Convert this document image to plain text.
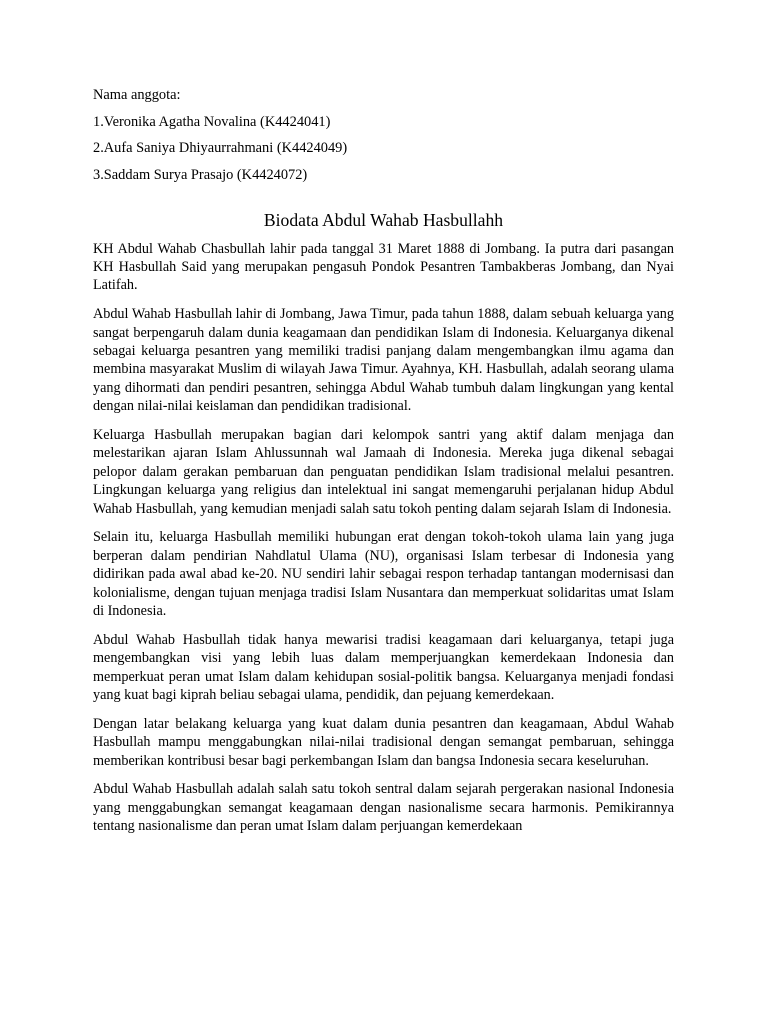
Nama anggota:
1.Veronika Agatha Novalina (K4424041)
2.Aufa Saniya Dhiyaurrahmani (K4424049)
3.Saddam Surya Prasajo (K4424072)
Biodata Abdul Wahab Hasbullahh

KH Abdul Wahab Chasbullah lahir pada tanggal 31 Maret 1888 di Jombang. Ia putra dari pasangan KH Hasbullah Said yang merupakan pengasuh Pondok Pesantren Tambakberas Jombang, dan Nyai Latifah.

Abdul Wahab Hasbullah lahir di Jombang, Jawa Timur, pada tahun 1888, dalam sebuah keluarga yang sangat berpengaruh dalam dunia keagamaan dan pendidikan Islam di Indonesia. Keluarganya dikenal sebagai keluarga pesantren yang memiliki tradisi panjang dalam mengembangkan ilmu agama dan membina masyarakat Muslim di wilayah Jawa Timur. Ayahnya, KH. Hasbullah, adalah seorang ulama yang dihormati dan pendiri pesantren, sehingga Abdul Wahab tumbuh dalam lingkungan yang kental dengan nilai-nilai keislaman dan pendidikan tradisional.

Keluarga Hasbullah merupakan bagian dari kelompok santri yang aktif dalam menjaga dan melestarikan ajaran Islam Ahlussunnah wal Jamaah di Indonesia. Mereka juga dikenal sebagai pelopor dalam gerakan pembaruan dan penguatan pendidikan Islam tradisional melalui pesantren. Lingkungan keluarga yang religius dan intelektual ini sangat memengaruhi perjalanan hidup Abdul Wahab Hasbullah, yang kemudian menjadi salah satu tokoh penting dalam sejarah Islam di Indonesia.

Selain itu, keluarga Hasbullah memiliki hubungan erat dengan tokoh-tokoh ulama lain yang juga berperan dalam pendirian Nahdlatul Ulama (NU), organisasi Islam terbesar di Indonesia yang didirikan pada awal abad ke-20. NU sendiri lahir sebagai respon terhadap tantangan modernisasi dan kolonialisme, dengan tujuan menjaga tradisi Islam Nusantara dan memperkuat solidaritas umat Islam di Indonesia.

Abdul Wahab Hasbullah tidak hanya mewarisi tradisi keagamaan dari keluarganya, tetapi juga mengembangkan visi yang lebih luas dalam memperjuangkan kemerdekaan Indonesia dan memperkuat peran umat Islam dalam kehidupan sosial-politik bangsa. Keluarganya menjadi fondasi yang kuat bagi kiprah beliau sebagai ulama, pendidik, dan pejuang kemerdekaan.

Dengan latar belakang keluarga yang kuat dalam dunia pesantren dan keagamaan, Abdul Wahab Hasbullah mampu menggabungkan nilai-nilai tradisional dengan semangat pembaruan, sehingga memberikan kontribusi besar bagi perkembangan Islam dan bangsa Indonesia secara keseluruhan.

Abdul Wahab Hasbullah adalah salah satu tokoh sentral dalam sejarah pergerakan nasional Indonesia yang menggabungkan semangat keagamaan dengan nasionalisme secara harmonis. Pemikirannya tentang nasionalisme dan peran umat Islam dalam perjuangan kemerdekaan
